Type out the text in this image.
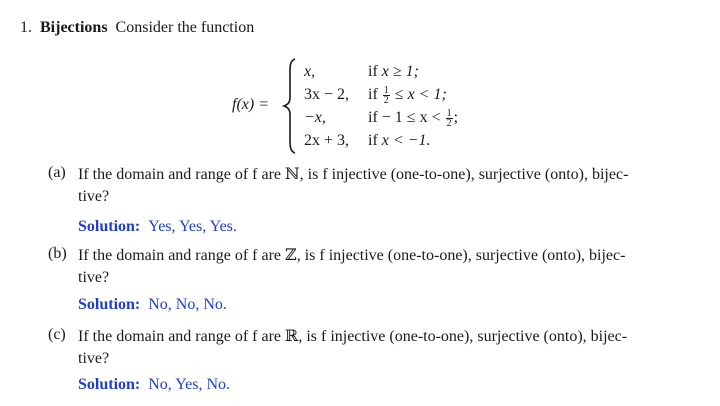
1. Bijections Consider the function
f(x) =
x,	if x ≥ 1;
3x − 2, if $\frac{1}{2} \le x < 1$;
−x,	if − $1 \le x < \frac{1}{2}$ ;
2x + 3, if x < −1.
(a) If the domain and range of f are ℕ, is f injective (one-to-one), surjective (onto), bijec-
tive?
Solution: Yes, Yes, Yes.
(b) If the domain and range of f are ℤ, is f injective (one-to-one), surjective (onto), bijec-
tive?
Solution: No, No, No.
(c) If the domain and range of f are ℝ, is f injective (one-to-one), surjective (onto), bijec-
tive?
Solution: No, Yes, No.
